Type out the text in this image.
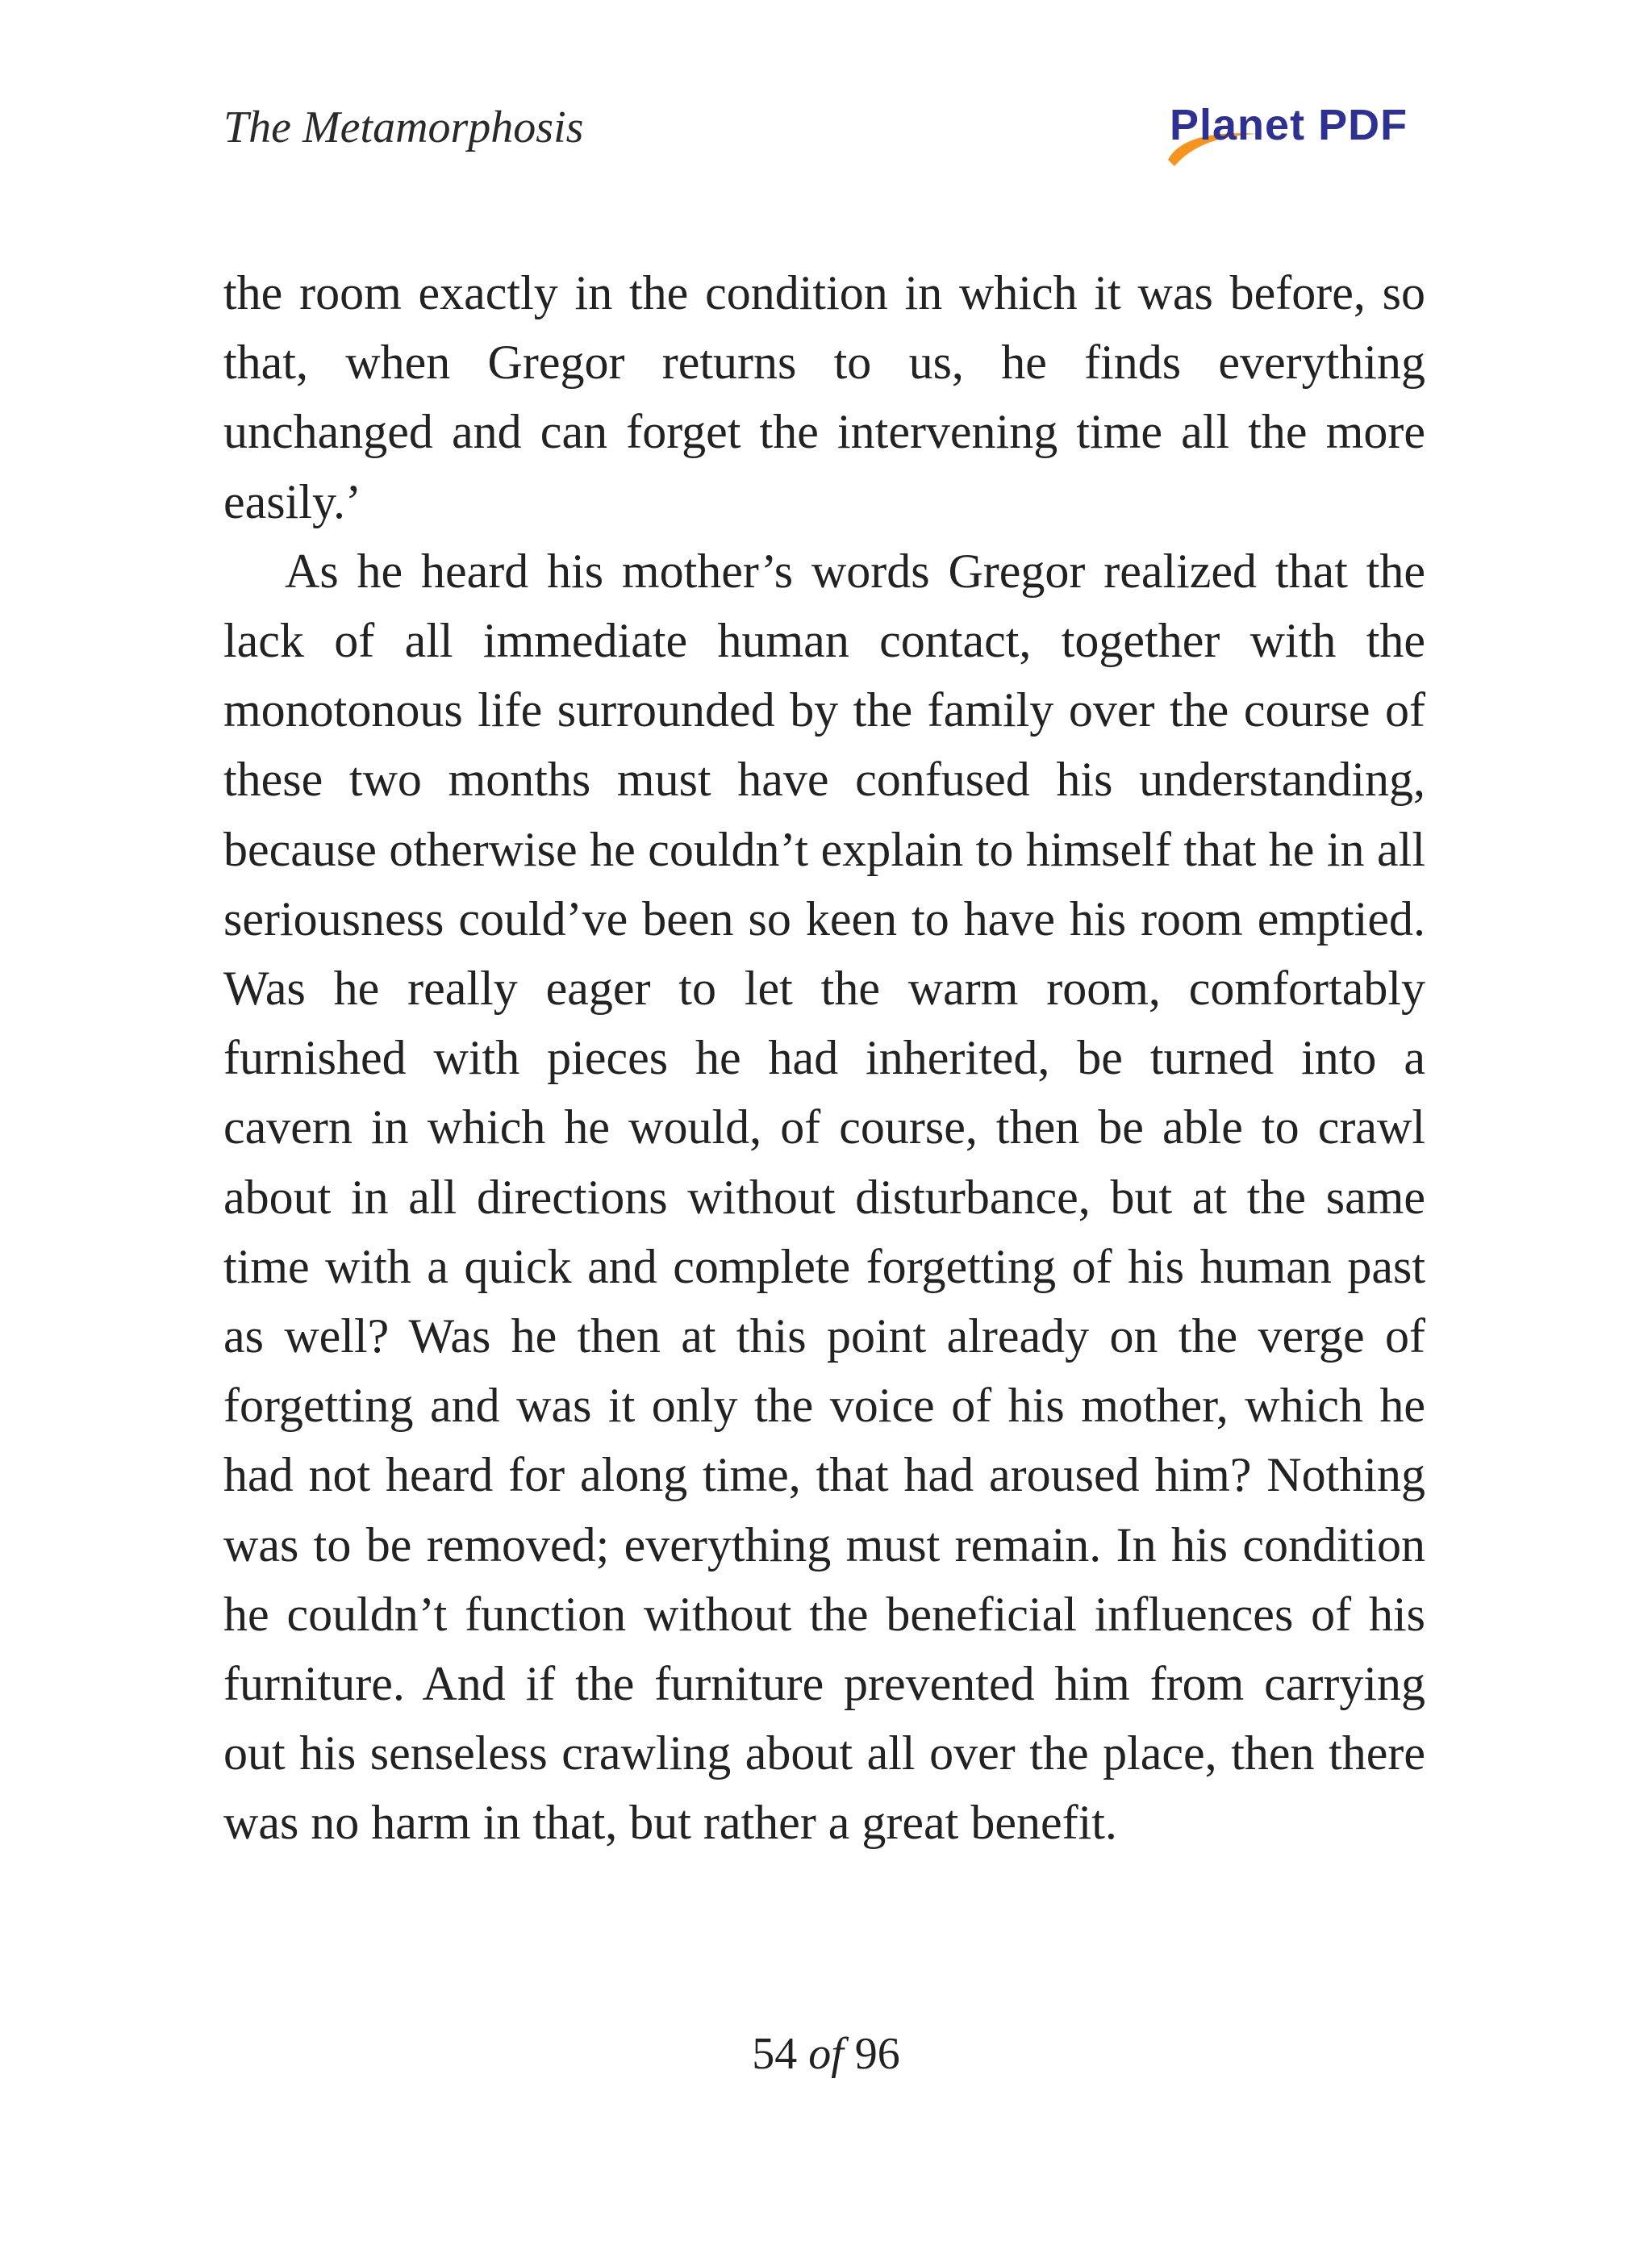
The Metamorphosis	Planet PDF

the room exactly in the condition in which it was before, so that, when Gregor returns to us, he finds everything unchanged and can forget the intervening time all the more easily.’

As he heard his mother’s words Gregor realized that the lack of all immediate human contact, together with the monotonous life surrounded by the family over the course of these two months must have confused his understanding, because otherwise he couldn’t explain to himself that he in all seriousness could’ve been so keen to have his room emptied. Was he really eager to let the warm room, comfortably furnished with pieces he had inherited, be turned into a cavern in which he would, of course, then be able to crawl about in all directions without disturbance, but at the same time with a quick and complete forgetting of his human past as well? Was he then at this point already on the verge of forgetting and was it only the voice of his mother, which he had not heard for along time, that had aroused him? Nothing was to be removed; everything must remain. In his condition he couldn’t function without the beneficial influences of his furniture. And if the furniture prevented him from carrying out his senseless crawling about all over the place, then there was no harm in that, but rather a great benefit.

54 of 96
